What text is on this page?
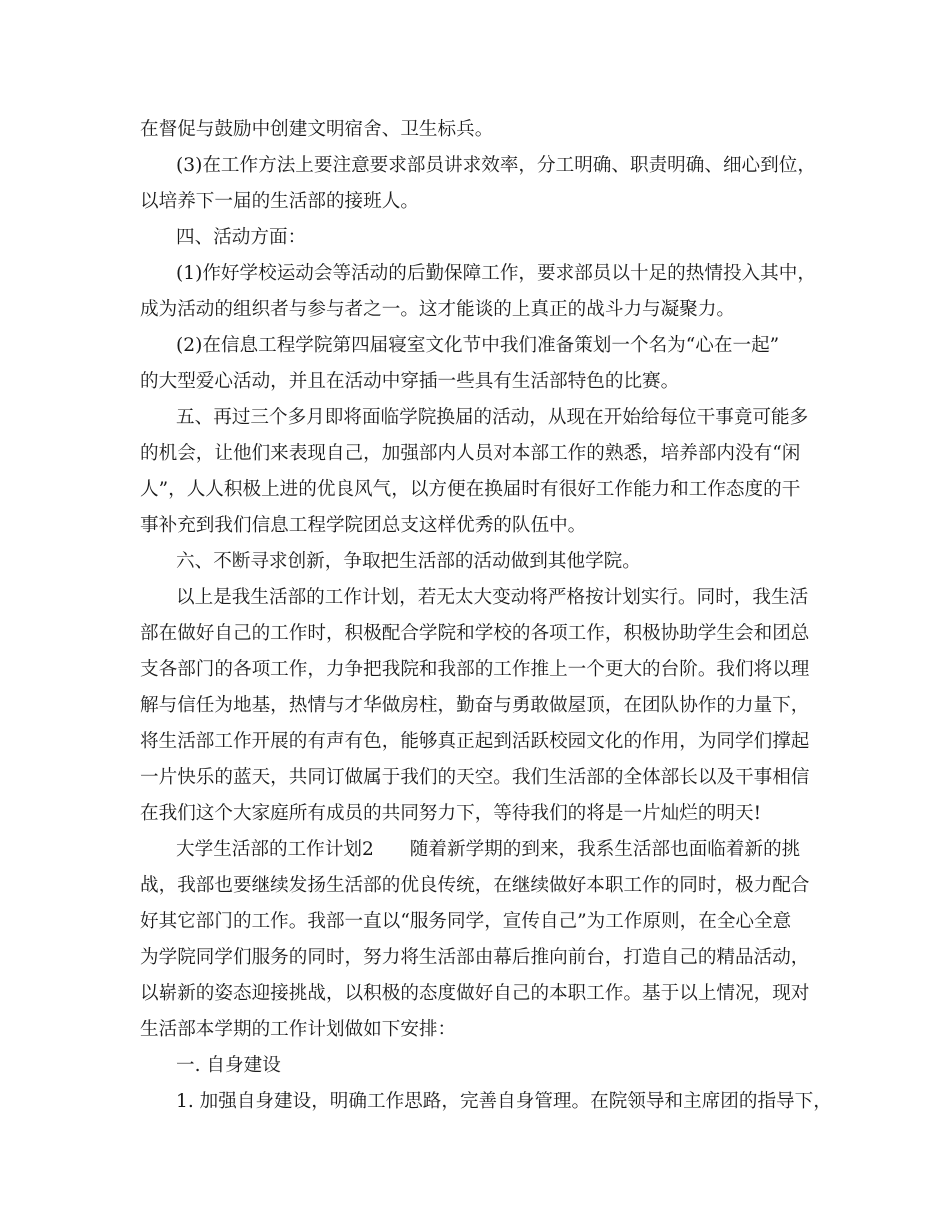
在督促与鼓励中创建文明宿舍、卫生标兵。
(3)在工作方法上要注意要求部员讲求效率，分工明确、职责明确、细心到位，
以培养下一届的生活部的接班人。
四、活动方面：
(1)作好学校运动会等活动的后勤保障工作，要求部员以十足的热情投入其中，
成为活动的组织者与参与者之一。这才能谈的上真正的战斗力与凝聚力。
(2)在信息工程学院第四届寝室文化节中我们准备策划一个名为“心在一起”
的大型爱心活动，并且在活动中穿插一些具有生活部特色的比赛。
五、再过三个多月即将面临学院换届的活动，从现在开始给每位干事竟可能多
的机会，让他们来表现自己，加强部内人员对本部工作的熟悉，培养部内没有“闲
人”，人人积极上进的优良风气，以方便在换届时有很好工作能力和工作态度的干
事补充到我们信息工程学院团总支这样优秀的队伍中。
六、不断寻求创新，争取把生活部的活动做到其他学院。
以上是我生活部的工作计划，若无太大变动将严格按计划实行。同时，我生活
部在做好自己的工作时，积极配合学院和学校的各项工作，积极协助学生会和团总
支各部门的各项工作，力争把我院和我部的工作推上一个更大的台阶。我们将以理
解与信任为地基，热情与才华做房柱，勤奋与勇敢做屋顶，在团队协作的力量下，
将生活部工作开展的有声有色，能够真正起到活跃校园文化的作用，为同学们撑起
一片快乐的蓝天，共同订做属于我们的天空。我们生活部的全体部长以及干事相信
在我们这个大家庭所有成员的共同努力下，等待我们的将是一片灿烂的明天!
大学生活部的工作计划2 随着新学期的到来，我系生活部也面临着新的挑
战，我部也要继续发扬生活部的优良传统，在继续做好本职工作的同时，极力配合
好其它部门的工作。我部一直以“服务同学，宣传自己”为工作原则，在全心全意
为学院同学们服务的同时，努力将生活部由幕后推向前台，打造自己的精品活动，
以崭新的姿态迎接挑战，以积极的态度做好自己的本职工作。基于以上情况，现对
生活部本学期的工作计划做如下安排：
一. 自身建设
1. 加强自身建设，明确工作思路，完善自身管理。在院领导和主席团的指导下，
